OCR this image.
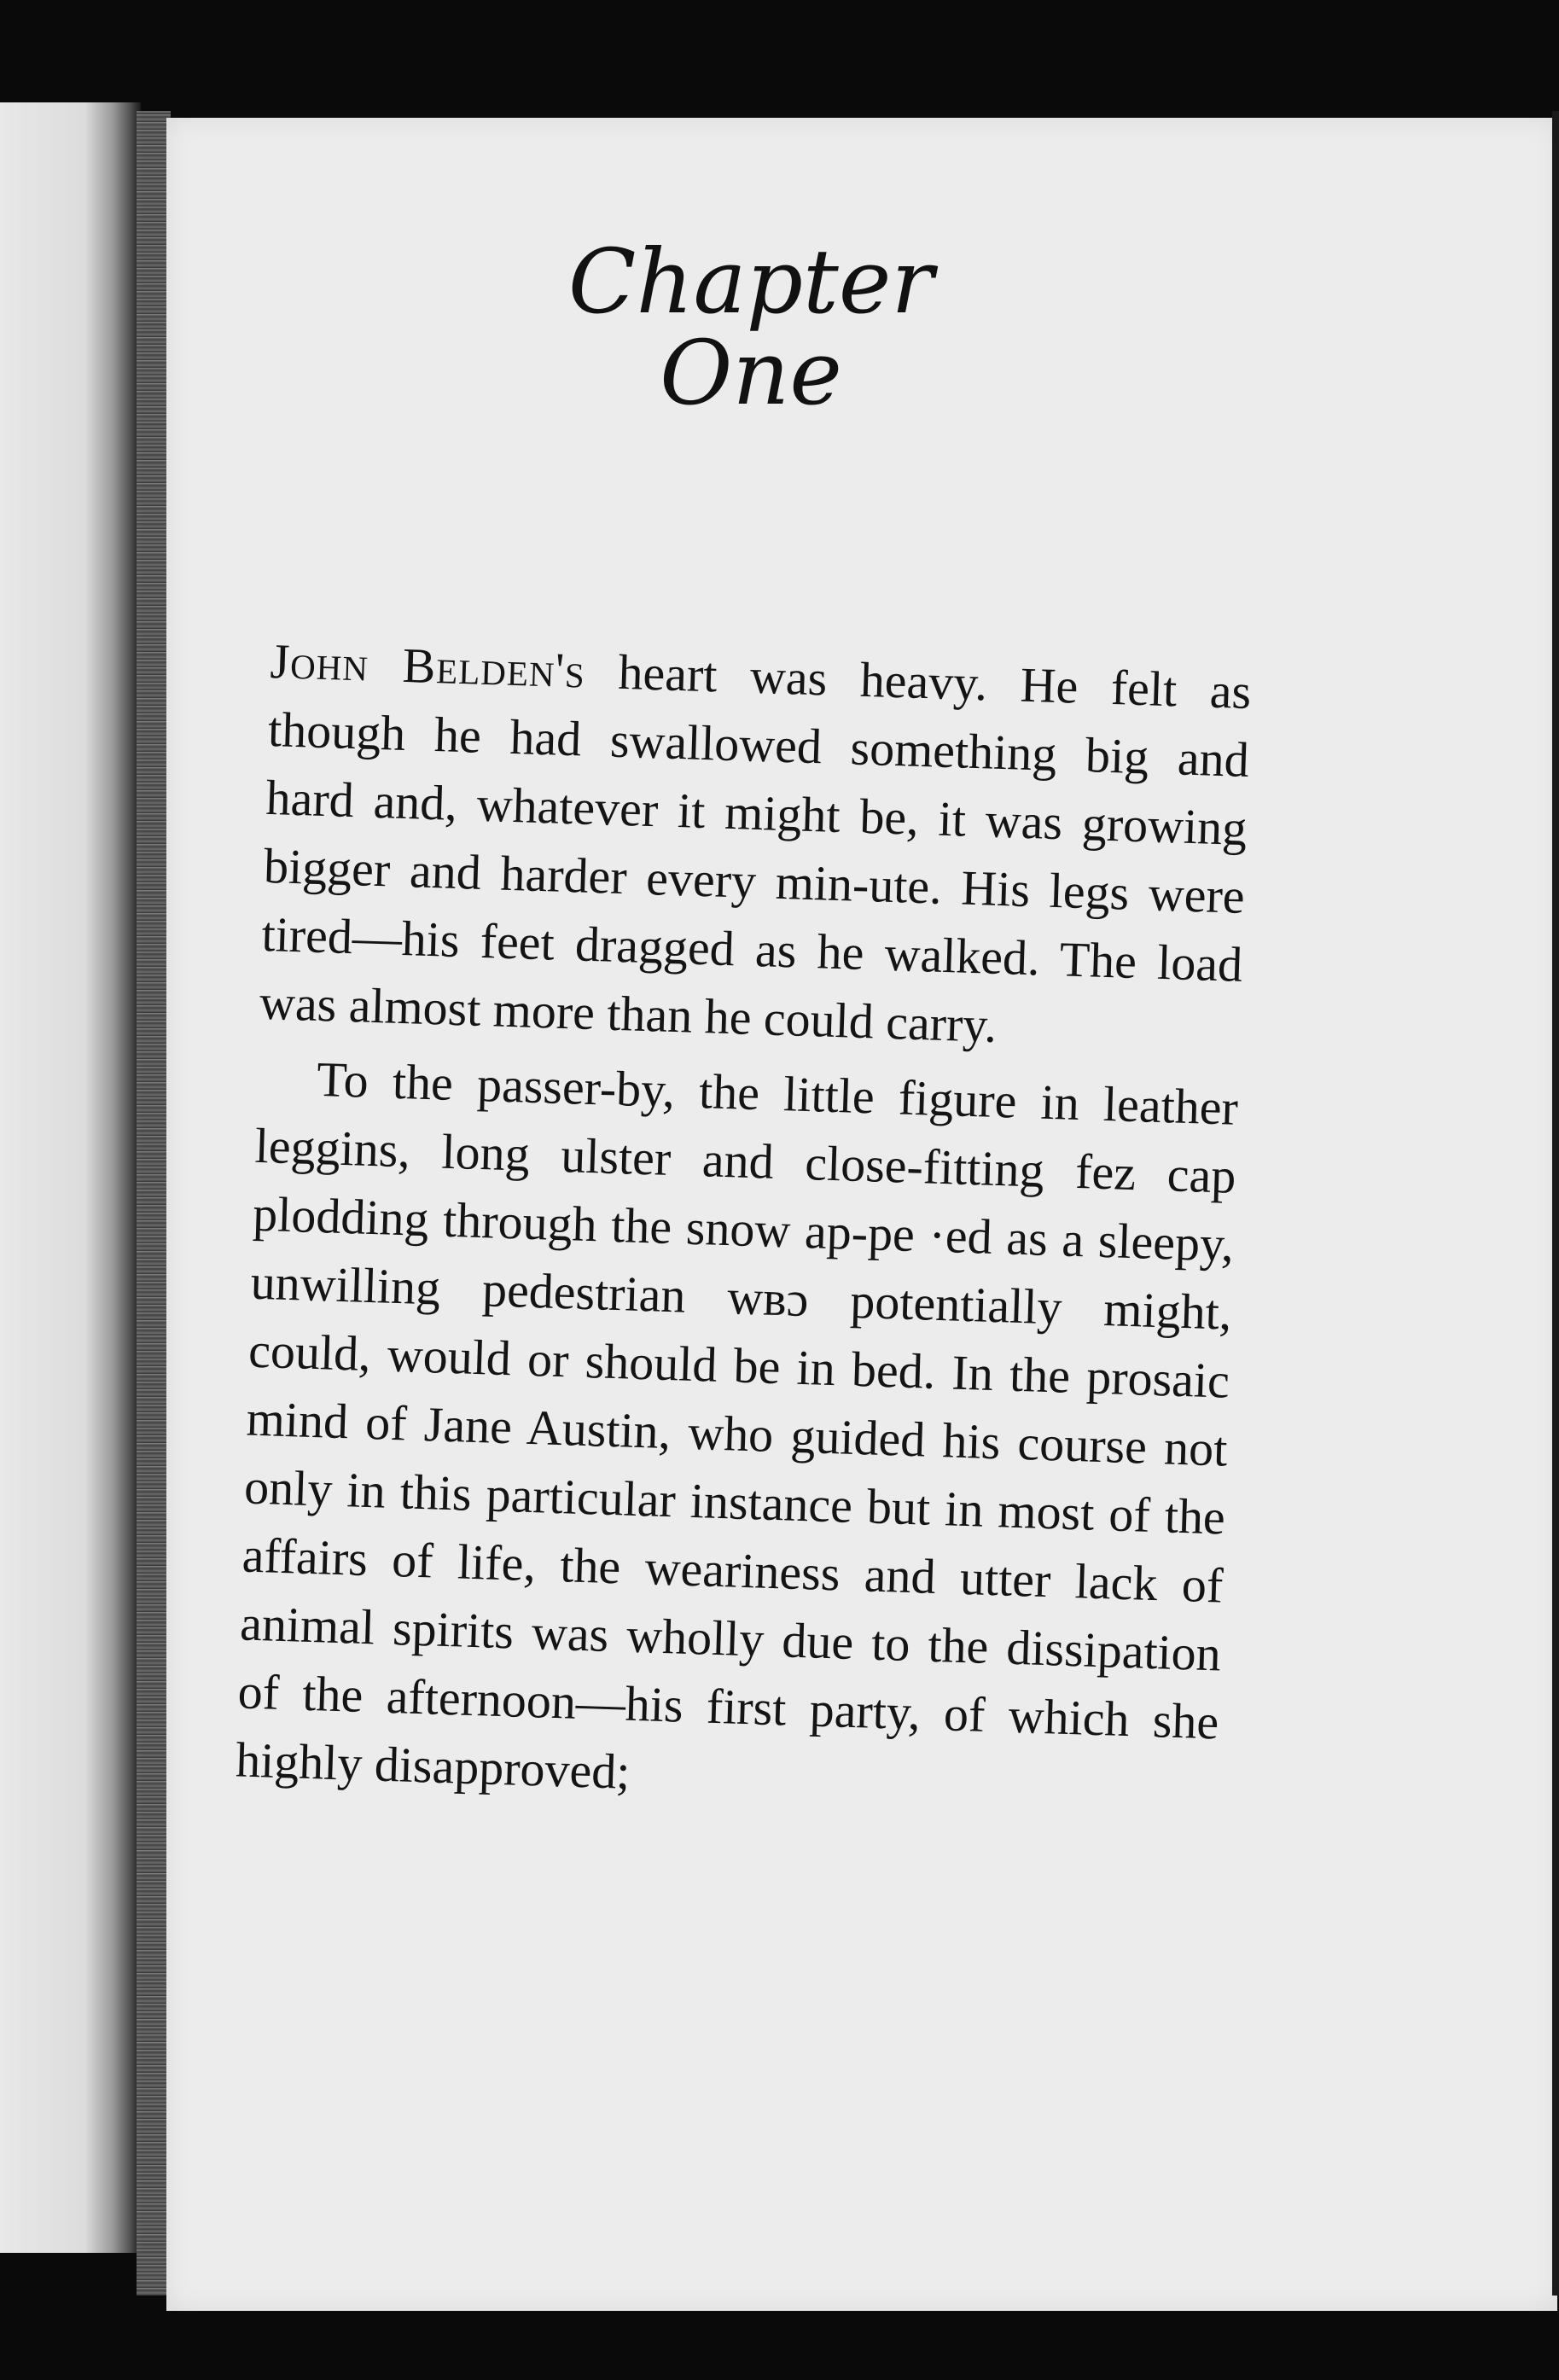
Chapter
One

John Belden's heart was heavy. He felt as though he had swallowed something big and hard and, whatever it might be, it was growing bigger and harder every min-ute. His legs were tired—his feet dragged as he walked. The load was almost more than he could carry.

To the passer-by, the little figure in leather leggins, long ulster and close-fitting fez cap plodding through the snow ap-pe ·ed as a sleepy, unwilling pedestrian wʙɔ potentially might, could, would or should be in bed. In the prosaic mind of Jane Austin, who guided his course not only in this particular instance but in most of the affairs of life, the weariness and utter lack of animal spirits was wholly due to the dissipation of the afternoon—his first party, of which she highly disapproved;
